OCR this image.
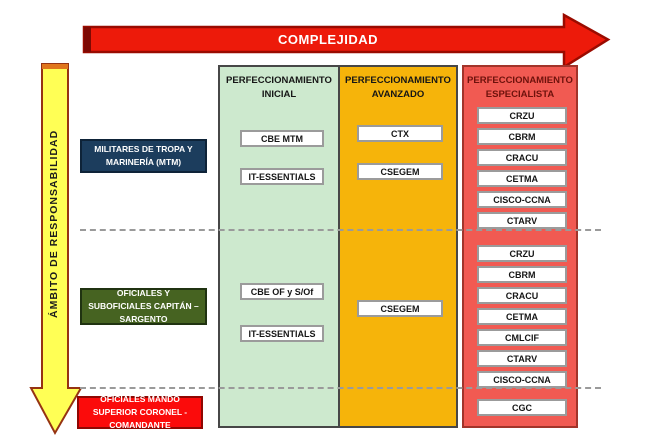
COMPLEJIDAD
ÁMBITO DE RESPONSABILIDAD
PERFECCIONAMIENTO INICIAL
PERFECCIONAMIENTO AVANZADO
PERFECCIONAMIENTO ESPECIALISTA
MILITARES DE TROPA Y MARINERÍA (MTM)
OFICIALES Y SUBOFICIALES CAPITÁN – SARGENTO
OFICIALES MANDO SUPERIOR CORONEL - COMANDANTE
CBE MTM
IT-ESSENTIALS
CTX
CSEGEM
CRZU
CBRM
CRACU
CETMA
CISCO-CCNA
CTARV
CBE OF y S/Of
IT-ESSENTIALS
CSEGEM
CRZU
CBRM
CRACU
CETMA
CMLCIF
CTARV
CISCO-CCNA
CGC
